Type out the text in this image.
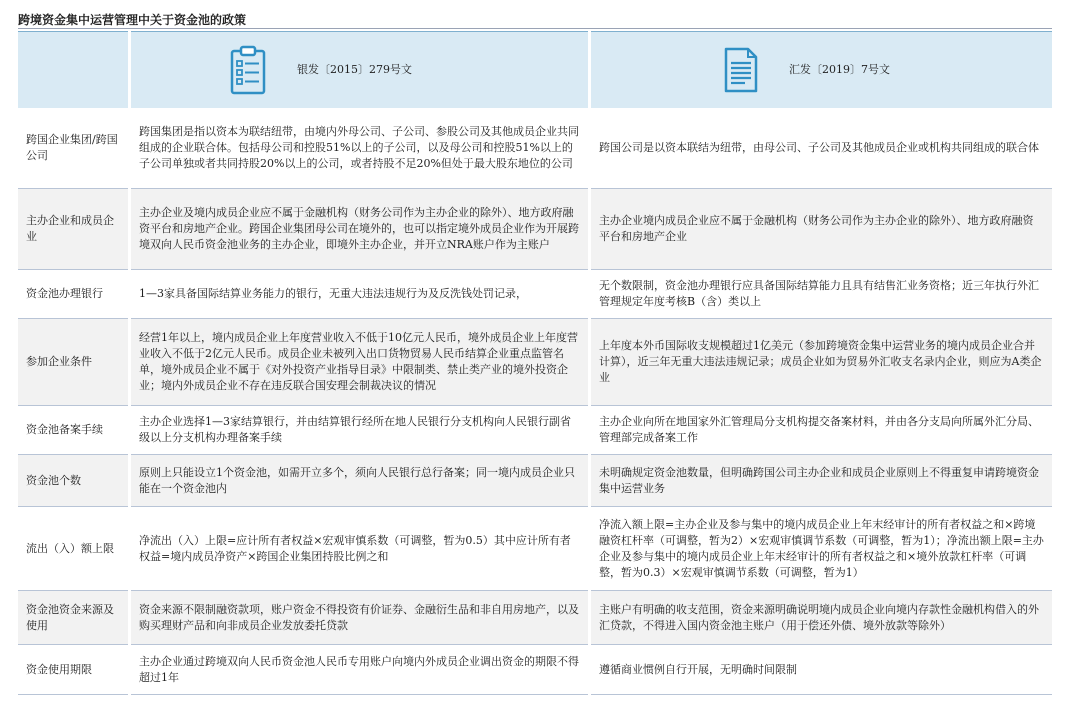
跨境资金集中运营管理中关于资金池的政策

	银发〔2015〕279号文	汇发〔2019〕7号文

跨国企业集团/跨国公司	跨国集团是指以资本为联结纽带，由境内外母公司、子公司、参股公司及其他成员企业共同组成的企业联合体。包括母公司和控股51%以上的子公司，以及母公司和控股51%以上的子公司单独或者共同持股20%以上的公司，或者持股不足20%但处于最大股东地位的公司	跨国公司是以资本联结为纽带，由母公司、子公司及其他成员企业或机构共同组成的联合体
主办企业和成员企业	主办企业及境内成员企业应不属于金融机构（财务公司作为主办企业的除外）、地方政府融资平台和房地产企业。跨国企业集团母公司在境外的，也可以指定境外成员企业作为开展跨境双向人民币资金池业务的主办企业，即境外主办企业，并开立NRA账户作为主账户	主办企业境内成员企业应不属于金融机构（财务公司作为主办企业的除外）、地方政府融资平台和房地产企业
资金池办理银行	1—3家具备国际结算业务能力的银行，无重大违法违规行为及反洗钱处罚记录，	无个数限制，资金池办理银行应具备国际结算能力且具有结售汇业务资格；近三年执行外汇管理规定年度考核B（含）类以上
参加企业条件	经营1年以上，境内成员企业上年度营业收入不低于10亿元人民币，境外成员企业上年度营业收入不低于2亿元人民币。成员企业未被列入出口货物贸易人民币结算企业重点监管名单，境外成员企业不属于《对外投资产业指导目录》中限制类、禁止类产业的境外投资企业；境内外成员企业不存在违反联合国安理会制裁决议的情况	上年度本外币国际收支规模超过1亿美元（参加跨境资金集中运营业务的境内成员企业合并计算），近三年无重大违法违规记录；成员企业如为贸易外汇收支名录内企业，则应为A类企业
资金池备案手续	主办企业选择1—3家结算银行，并由结算银行经所在地人民银行分支机构向人民银行副省级以上分支机构办理备案手续	主办企业向所在地国家外汇管理局分支机构提交备案材料，并由各分支局向所属外汇分局、管理部完成备案工作
资金池个数	原则上只能设立1个资金池，如需开立多个，须向人民银行总行备案；同一境内成员企业只能在一个资金池内	未明确规定资金池数量，但明确跨国公司主办企业和成员企业原则上不得重复申请跨境资金集中运营业务
流出（入）额上限	净流出（入）上限=应计所有者权益×宏观审慎系数（可调整，暂为0.5）其中应计所有者权益=境内成员净资产×跨国企业集团持股比例之和	净流入额上限=主办企业及参与集中的境内成员企业上年末经审计的所有者权益之和×跨境融资杠杆率（可调整，暂为2）×宏观审慎调节系数（可调整，暂为1）；净流出额上限=主办企业及参与集中的境内成员企业上年末经审计的所有者权益之和×境外放款杠杆率（可调整，暂为0.3）×宏观审慎调节系数（可调整，暂为1）
资金池资金来源及使用	资金来源不限制融资款项，账户资金不得投资有价证券、金融衍生品和非自用房地产，以及购买理财产品和向非成员企业发放委托贷款	主账户有明确的收支范围，资金来源明确说明境内成员企业向境内存款性金融机构借入的外汇贷款，不得进入国内资金池主账户（用于偿还外债、境外放款等除外）
资金使用期限	主办企业通过跨境双向人民币资金池人民币专用账户向境内外成员企业调出资金的期限不得超过1年	遵循商业惯例自行开展，无明确时间限制
